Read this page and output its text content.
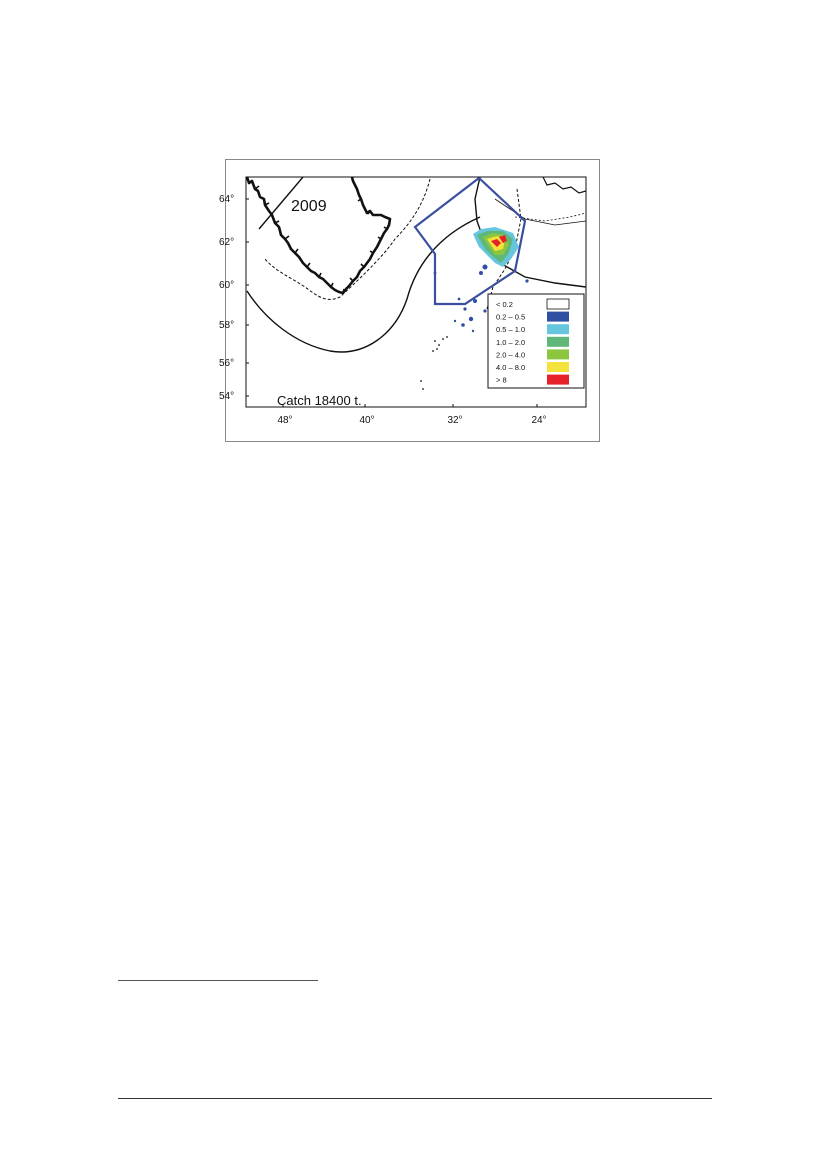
2009
Catch 18400 t.
64°
62°
60°
58°
56°
54°
48°	40°	32°	24°
< 0.2
0.2 – 0.5
0.5 – 1.0
1.0 – 2.0
2.0 – 4.0
4.0 – 8.0
> 8
